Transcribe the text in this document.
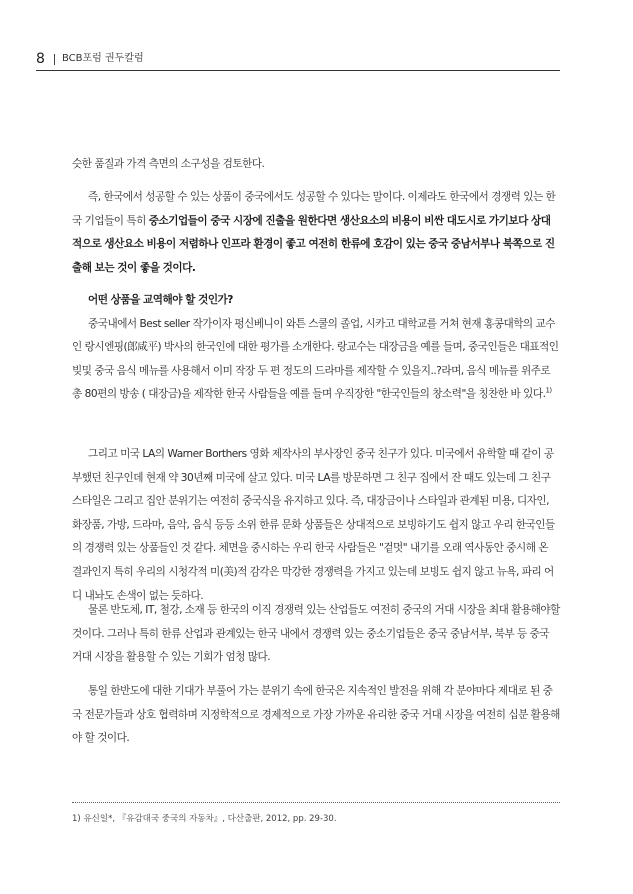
8 BCB포럼 권두칼럼

슷한 품질과 가격 측면의 소구성을 검토한다.

즉, 한국에서 성공할 수 있는 상품이 중국에서도 성공할 수 있다는 말이다. 이제라도 한국에서 경쟁력 있는 한국 기업들이 특히 중소기업들이 중국 시장에 진출을 원한다면 생산요소의 비용이 비싼 대도시로 가기보다 상대적으로 생산요소 비용이 저렴하나 인프라 환경이 좋고 여전히 한류에 호감이 있는 중국 중남서부나 북쪽으로 진출해 보는 것이 좋을 것이다.

어떤 상품을 교역해야 할 것인가?

중국내에서 Best seller 작가이자 펑신베니이 와튼 스쿨의 졸업, 시카고 대학교를 거쳐 현재 홍콩대학의 교수인 랑시엔핑(郎咸平) 박사의 한국인에 대한 평가를 소개한다. 랑교수는 대장금을 예를 들며, 중국인들은 대표적인 빚및 중국 음식 메뉴를 사용해서 이미 작장 두 편 정도의 드라마를 제작할 수 있을지..?라며, 음식 메뉴를 위주로 총 80편의 방송 ( 대장금)을 제작한 한국 사람들을 예를 들며 우직장한 "한국인들의 창소력"을 칭찬한 바 있다.$^{1)}$

그리고 미국 LA의 Warner Borthers 영화 제작사의 부사장인 중국 친구가 있다. 미국에서 유학할 때 같이 공부했던 친구인데 현재 약 30년째 미국에 살고 있다. 미국 LA를 방문하면 그 친구 집에서 잔 때도 있는데 그 친구 스타일은 그리고 집안 분위기는 여전히 중국식을 유지하고 있다. 즉, 대장금이나 스타일과 관계된 미용, 디자인, 화장품, 가방, 드라마, 음악, 음식 등등 소위 한류 문화 상품들은 상대적으로 보빙하기도 쉽지 않고 우리 한국인들의 경쟁력 있는 상품들인 것 같다. 체면을 중시하는 우리 한국 사람들은 "겉멋" 내기를 오래 역사동안 중시해 온 결과인지 특히 우리의 시청각적 미(美)적 감각은 막강한 경쟁력을 가지고 있는데 보빙도 쉽지 않고 뉴욕, 파리 어디 내놔도 손색이 없는 듯하다.

물론 반도체, IT, 철강, 소재 등 한국의 이직 경쟁력 있는 산업들도 여전히 중국의 거대 시장을 최대 활용해야할 것이다. 그러나 특히 한류 산업과 관계있는 한국 내에서 경쟁력 있는 중소기업들은 중국 중남서부, 북부 등 중국 거대 시장을 활용할 수 있는 기회가 엄청 많다.

통일 한반도에 대한 기대가 부풀어 가는 분위기 속에 한국은 지속적인 발전을 위해 각 분야마다 제대로 된 중국 전문가들과 상호 협력하며 지정학적으로 경제적으로 가장 가까운 유리한 중국 거대 시장을 여전히 십분 활용해야 할 것이다.

1) 유신일*, 『유감대국 중국의 자동차』, 다산출판, 2012, pp. 29-30.
